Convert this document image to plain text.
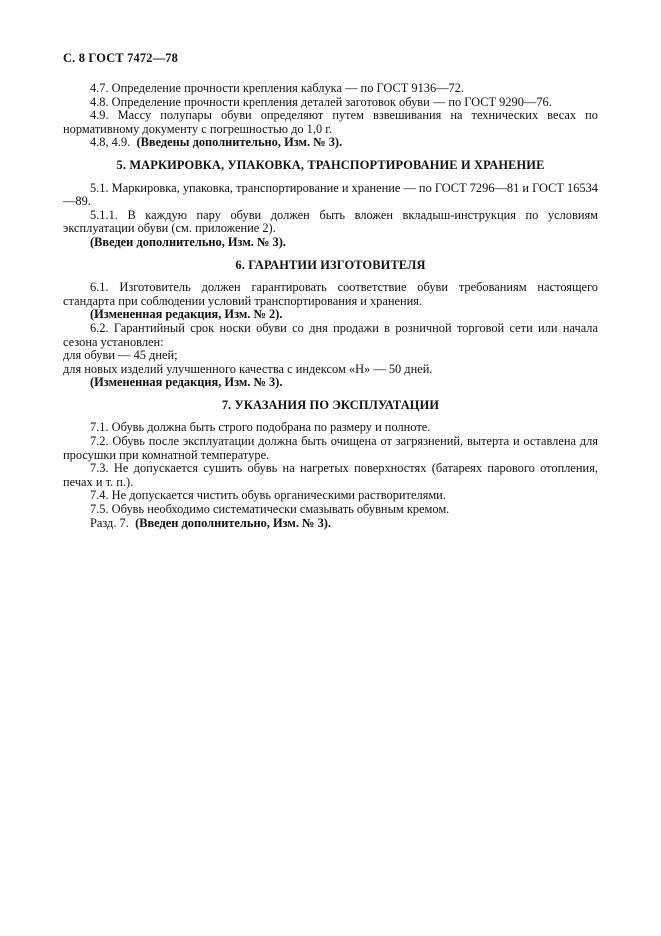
С. 8 ГОСТ 7472—78

4.7. Определение прочности крепления каблука — по ГОСТ 9136—72.

4.8. Определение прочности крепления деталей заготовок обуви — по ГОСТ 9290—76.

4.9. Массу полупары обуви определяют путем взвешивания на технических весах по нормативному документу с погрешностью до 1,0 г.

4.8, 4.9. (Введены дополнительно, Изм. № 3).

5. МАРКИРОВКА, УПАКОВКА, ТРАНСПОРТИРОВАНИЕ И ХРАНЕНИЕ

5.1. Маркировка, упаковка, транспортирование и хранение — по ГОСТ 7296—81 и ГОСТ 16534—89.

5.1.1. В каждую пару обуви должен быть вложен вкладыш-инструкция по условиям эксплуатации обуви (см. приложение 2).

(Введен дополнительно, Изм. № 3).

6. ГАРАНТИИ ИЗГОТОВИТЕЛЯ

6.1. Изготовитель должен гарантировать соответствие обуви требованиям настоящего стандарта при соблюдении условий транспортирования и хранения.

(Измененная редакция, Изм. № 2).

6.2. Гарантийный срок носки обуви со дня продажи в розничной торговой сети или начала сезона установлен:

для обуви — 45 дней;

для новых изделий улучшенного качества с индексом «Н» — 50 дней.

(Измененная редакция, Изм. № 3).

7. УКАЗАНИЯ ПО ЭКСПЛУАТАЦИИ

7.1. Обувь должна быть строго подобрана по размеру и полноте.

7.2. Обувь после эксплуатации должна быть очищена от загрязнений, вытерта и оставлена для просушки при комнатной температуре.

7.3. Не допускается сушить обувь на нагретых поверхностях (батареях парового отопления, печах и т. п.).

7.4. Не допускается чистить обувь органическими растворителями.

7.5. Обувь необходимо систематически смазывать обувным кремом.

Разд. 7. (Введен дополнительно, Изм. № 3).
